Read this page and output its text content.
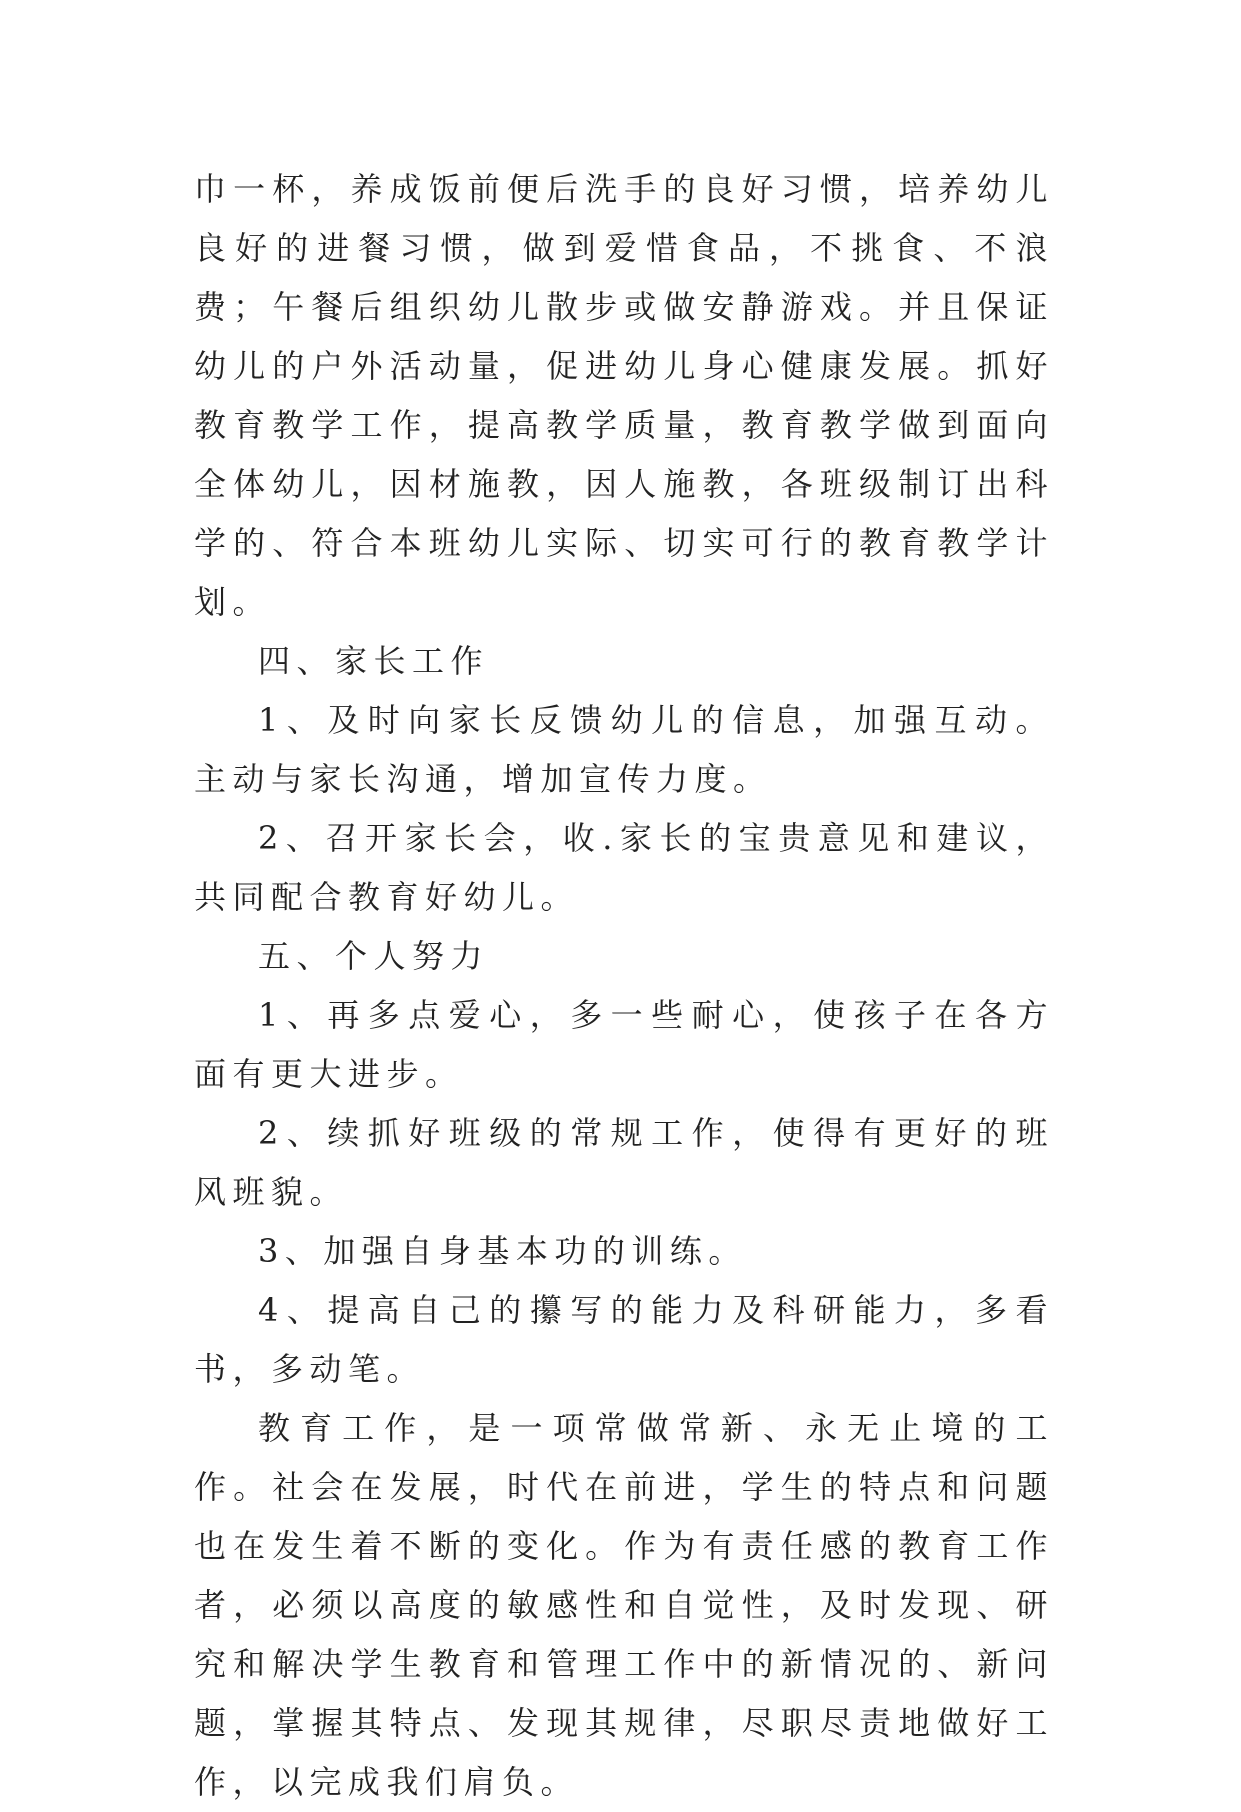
巾一杯，养成饭前便后洗手的良好习惯，培养幼儿良好的进餐习惯，做到爱惜食品，不挑食、不浪费；午餐后组织幼儿散步或做安静游戏。并且保证幼儿的户外活动量，促进幼儿身心健康发展。抓好教育教学工作，提高教学质量，教育教学做到面向全体幼儿，因材施教，因人施教，各班级制订出科学的、符合本班幼儿实际、切实可行的教育教学计划。

四、家长工作

1、及时向家长反馈幼儿的信息，加强互动。主动与家长沟通，增加宣传力度。

2、召开家长会，收.家长的宝贵意见和建议，共同配合教育好幼儿。

五、个人努力

1、再多点爱心，多一些耐心，使孩子在各方面有更大进步。

2、续抓好班级的常规工作，使得有更好的班风班貌。

3、加强自身基本功的训练。

4、提高自己的攥写的能力及科研能力，多看书，多动笔。

教育工作，是一项常做常新、永无止境的工作。社会在发展，时代在前进，学生的特点和问题也在发生着不断的变化。作为有责任感的教育工作者，必须以高度的敏感性和自觉性，及时发现、研究和解决学生教育和管理工作中的新情况的、新问题，掌握其特点、发现其规律，尽职尽责地做好工作，以完成我们肩负。
